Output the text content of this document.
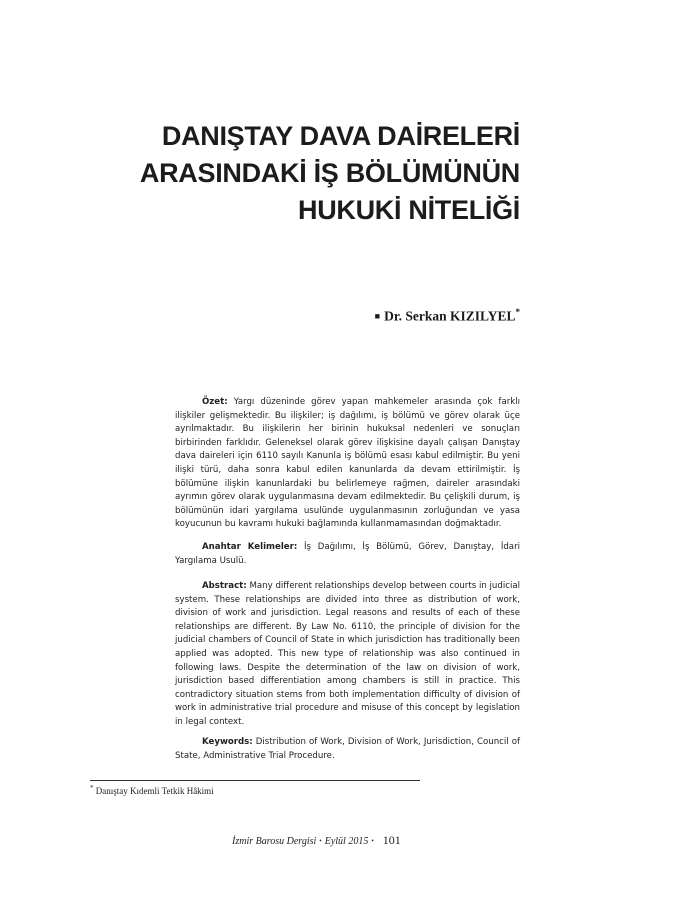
DANIŞTAY DAVA DAİRELERİ
ARASINDAKİ İŞ BÖLÜMÜNÜN
HUKUKİ NİTELİĞİ
■ Dr. Serkan KIZILYEL*

Özet: Yargı düzeninde görev yapan mahkemeler arasında çok farklı ilişkiler gelişmektedir. Bu ilişkiler; iş dağılımı, iş bölümü ve görev olarak üçe ayrılmaktadır. Bu ilişkilerin her birinin hukuksal nedenleri ve sonuçları birbirinden farklıdır. Geleneksel olarak görev ilişkisine dayalı çalışan Danıştay dava daireleri için 6110 sayılı Kanunla iş bölümü esası kabul edilmiştir. Bu yeni ilişki türü, daha sonra kabul edilen kanunlarda da devam ettirilmiştir. İş bölümüne ilişkin kanunlardaki bu belirlemeye rağmen, daireler arasındaki ayrımın görev olarak uygulanmasına devam edilmektedir. Bu çelişkili durum, iş bölümünün idari yargılama usulünde uygulanmasının zorluğundan ve yasa koyucunun bu kavramı hukuki bağlamında kullanmamasından doğmaktadır.

Anahtar Kelimeler: İş Dağılımı, İş Bölümü, Görev, Danıştay, İdari Yargılama Usulü.

Abstract: Many different relationships develop between courts in judicial system. These relationships are divided into three as distribution of work, division of work and jurisdiction. Legal reasons and results of each of these relationships are different. By Law No. 6110, the principle of division for the judicial chambers of Council of State in which jurisdiction has traditionally been applied was adopted. This new type of relationship was also continued in following laws. Despite the determination of the law on division of work, jurisdiction based differentiation among chambers is still in practice. This contradictory situation stems from both implementation difficulty of division of work in administrative trial procedure and misuse of this concept by legislation in legal context.

Keywords: Distribution of Work, Division of Work, Jurisdiction, Council of State, Administrative Trial Procedure.

* Danıştay Kıdemli Tetkik Hâkimi
İzmir Barosu Dergisi • Eylül 2015 • 101
